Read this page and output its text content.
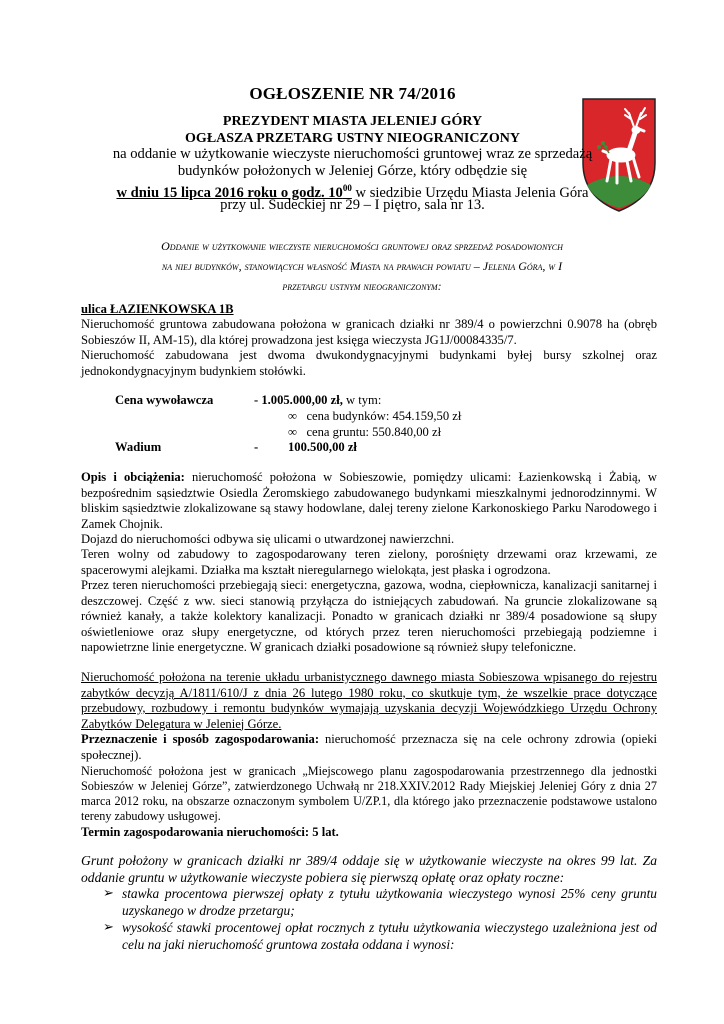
OGŁOSZENIE NR 74/2016
PREZYDENT MIASTA JELENIEJ GÓRY
OGŁASZA PRZETARG USTNY NIEOGRANICZONY
na oddanie w użytkowanie wieczyste nieruchomości gruntowej wraz ze sprzedażą
budynków położonych w Jeleniej Górze, który odbędzie się
w dniu 15 lipca 2016 roku o godz. $10^{00}$ w siedzibie Urzędu Miasta Jelenia Góra
przy ul. Sudeckiej nr 29 – I piętro, sala nr 13.
Oddanie w użytkowanie wieczyste nieruchomości gruntowej oraz sprzedaż posadowionych
na niej budynków, stanowiących własność Miasta na prawach powiatu – Jelenia Góra, w I
przetargu ustnym nieograniczonym:
ulica ŁAZIENKOWSKA 1B
Nieruchomość gruntowa zabudowana położona w granicach działki nr 389/4 o powierzchni 0.9078 ha (obręb Sobieszów II, AM-15), dla której prowadzona jest księga wieczysta JG1J/00084335/7.
Nieruchomość zabudowana jest dwoma dwukondygnacyjnymi budynkami byłej bursy szkolnej oraz jednokondygnacyjnym budynkiem stołówki.
Cena wywoławcza	- 1.005.000,00 zł, w tym:
∞ cena budynków: 454.159,50 zł
∞ cena gruntu: 550.840,00 zł
Wadium	- 100.500,00 zł
Opis i obciążenia: nieruchomość położona w Sobieszowie, pomiędzy ulicami: Łazienkowską i Żabią, w bezpośrednim sąsiedztwie Osiedla Żeromskiego zabudowanego budynkami mieszkalnymi jednorodzinnymi. W bliskim sąsiedztwie zlokalizowane są stawy hodowlane, dalej tereny zielone Karkonoskiego Parku Narodowego i Zamek Chojnik.
Dojazd do nieruchomości odbywa się ulicami o utwardzonej nawierzchni.
Teren wolny od zabudowy to zagospodarowany teren zielony, porośnięty drzewami oraz krzewami, ze spacerowymi alejkami. Działka ma kształt nieregularnego wielokąta, jest płaska i ogrodzona.
Przez teren nieruchomości przebiegają sieci: energetyczna, gazowa, wodna, ciepłownicza, kanalizacji sanitarnej i deszczowej. Część z ww. sieci stanowią przyłącza do istniejących zabudowań. Na gruncie zlokalizowane są również kanały, a także kolektory kanalizacji. Ponadto w granicach działki nr 389/4 posadowione są słupy oświetleniowe oraz słupy energetyczne, od których przez teren nieruchomości przebiegają podziemne i napowietrzne linie energetyczne. W granicach działki posadowione są również słupy telefoniczne.
Nieruchomość położona na terenie układu urbanistycznego dawnego miasta Sobieszowa wpisanego do rejestru zabytków decyzją A/1811/610/J z dnia 26 lutego 1980 roku, co skutkuje tym, że wszelkie prace dotyczące przebudowy, rozbudowy i remontu budynków wymajają uzyskania decyzji Wojewódzkiego Urzędu Ochrony Zabytków Delegatura w Jeleniej Górze.
Przeznaczenie i sposób zagospodarowania: nieruchomość przeznacza się na cele ochrony zdrowia (opieki społecznej).
Nieruchomość położona jest w granicach „Miejscowego planu zagospodarowania przestrzennego dla jednostki Sobieszów w Jeleniej Górze”, zatwierdzonego Uchwałą nr 218.XXIV.2012 Rady Miejskiej Jeleniej Góry z dnia 27 marca 2012 roku, na obszarze oznaczonym symbolem U/ZP.1, dla którego jako przeznaczenie podstawowe ustalono tereny zabudowy usługowej.
Termin zagospodarowania nieruchomości: 5 lat.
Grunt położony w granicach działki nr 389/4 oddaje się w użytkowanie wieczyste na okres 99 lat. Za oddanie gruntu w użytkowanie wieczyste pobiera się pierwszą opłatę oraz opłaty roczne:
➢ stawka procentowa pierwszej opłaty z tytułu użytkowania wieczystego wynosi 25% ceny gruntu uzyskanego w drodze przetargu;
➢ wysokość stawki procentowej opłat rocznych z tytułu użytkowania wieczystego uzależniona jest od celu na jaki nieruchomość gruntowa została oddana i wynosi:
